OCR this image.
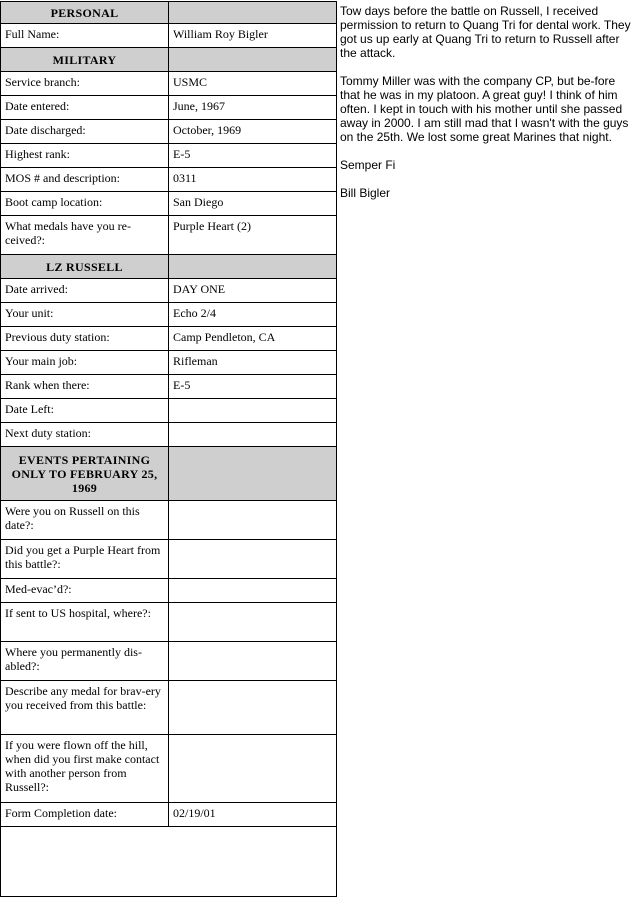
PERSONAL	
Full Name:	William Roy Bigler
MILITARY	
Service branch:	USMC
Date entered:	June, 1967
Date discharged:	October, 1969
Highest rank:	E-5
MOS # and description:	0311
Boot camp location:	San Diego
What medals have you re-ceived?:	Purple Heart (2)
LZ RUSSELL	
Date arrived:	DAY ONE
Your unit:	Echo 2/4
Previous duty station:	Camp Pendleton, CA
Your main job:	Rifleman
Rank when there:	E-5
Date Left:	
Next duty station:	
EVENTS PERTAINING ONLY TO FEBRUARY 25, 1969	
Were you on Russell on this date?:	
Did you get a Purple Heart from this battle?:	
Med-evac’d?:	
If sent to US hospital, where?:	
Where you permanently dis-abled?:	
Describe any medal for brav-ery you received from this battle:	
If you were flown off the hill, when did you first make contact with another person from Russell?:	
Form Completion date:	02/19/01

Tow days before the battle on Russell, I received permission to return to Quang Tri for dental work. They got us up early at Quang Tri to return to Russell after the attack.

Tommy Miller was with the company CP, but be-fore that he was in my platoon. A great guy! I think of him often. I kept in touch with his mother until she passed away in 2000. I am still mad that I wasn't with the guys on the 25th. We lost some great Marines that night.

Semper Fi

Bill Bigler
